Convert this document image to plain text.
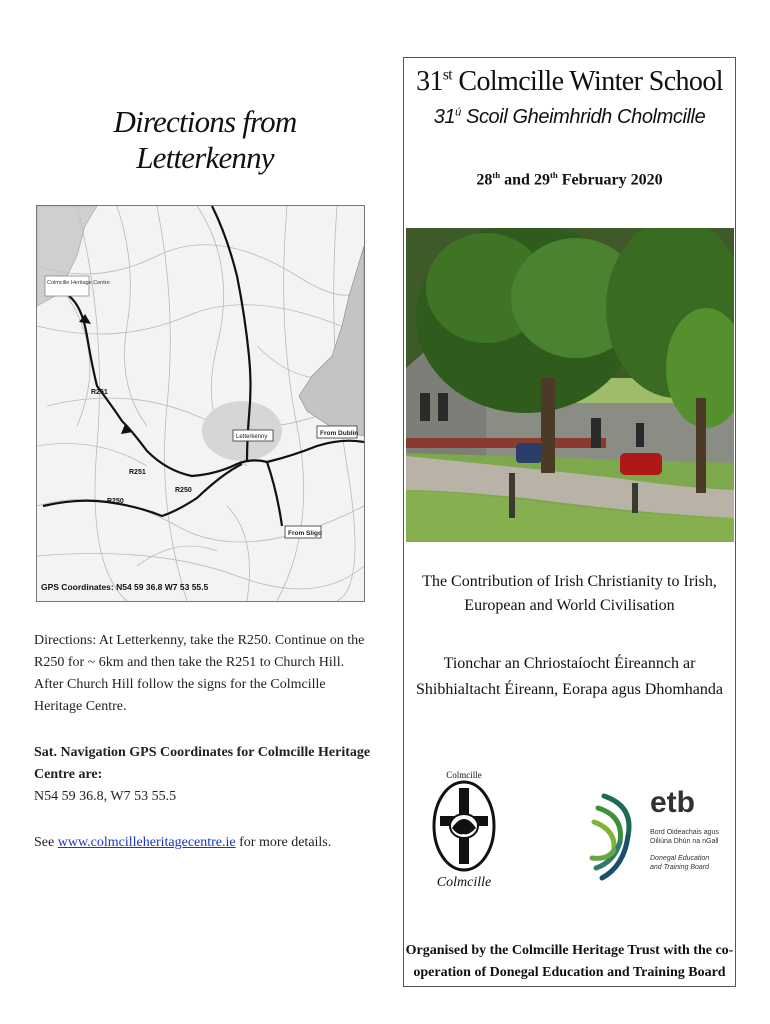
Directions from Letterkenny
Colmcille Heritage Centre
Letterkenny	From Dublin
From Sligo
R251
R251
R250
R250
GPS Coordinates: N54 59 36.8 W7 53 55.5

Directions: At Letterkenny, take the R250. Continue on the R250 for ~ 6km and then take the R251 to Church Hill. After Church Hill follow the signs for the Colmcille Heritage Centre.

Sat. Navigation GPS Coordinates for Colmcille Heritage Centre are:
N54 59 36.8, W7 53 55.5

See www.colmcilleheritagecentre.ie for more details.

31st Colmcille Winter School
$31^ú$ Scoil Gheimhridh Cholmcille
28th and 29th February 2020
The Contribution of Irish Christianity to Irish, European and World Civilisation
Tionchar an Chriostaíocht Éireannch ar Shibhialtacht Éireann, Eorapa agus Dhomhanda
Colmcille
Colmcille
etb
Bord Oideachais agus Oiliúna Dhún na nGall
Donegal Education and Training Board
Organised by the Colmcille Heritage Trust with the co-operation of Donegal Education and Training Board
